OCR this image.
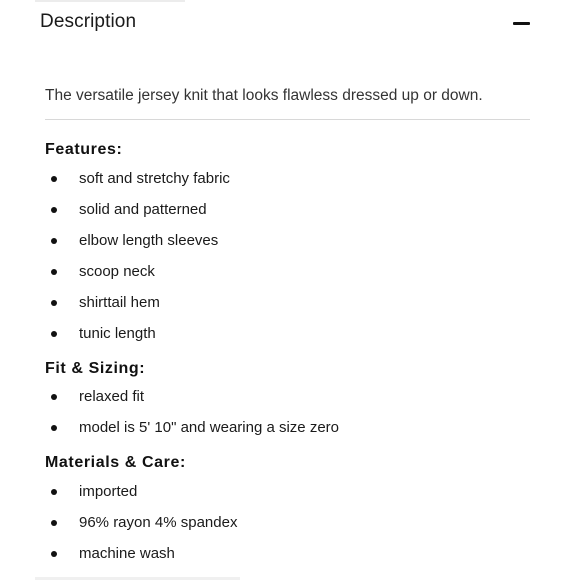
Description
The versatile jersey knit that looks flawless dressed up or down.
Features:
soft and stretchy fabric
solid and patterned
elbow length sleeves
scoop neck
shirttail hem
tunic length
Fit & Sizing:
relaxed fit
model is 5' 10" and wearing a size zero
Materials & Care:
imported
96% rayon 4% spandex
machine wash
